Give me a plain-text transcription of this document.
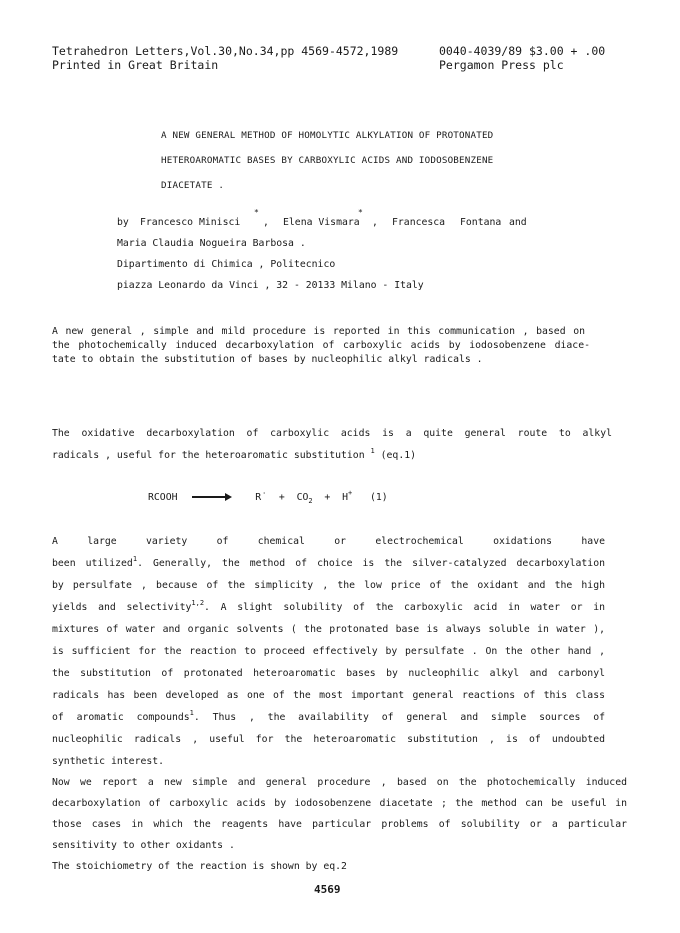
Tetrahedron Letters,Vol.30,No.34,pp 4569-4572,1989
Printed in Great Britain
0040-4039/89 $3.00 + .00
Pergamon Press plc
A NEW GENERAL METHOD OF HOMOLYTIC ALKYLATION OF PROTONATED
HETEROAROMATIC BASES BY CARBOXYLIC ACIDS AND IODOSOBENZENE
DIACETATE .
by Francesco Minisci
*
, Elena Vismara
*
, Francesca Fontana and
Maria Claudia Nogueira Barbosa .
Dipartimento di Chimica , Politecnico
piazza Leonardo da Vinci , 32 - 20133 Milano - Italy
A new general , simple and mild procedure is reported in this communication , based on
the photochemically induced decarboxylation of carboxylic acids by iodosobenzene diace-
tate to obtain the substitution of bases by nucleophilic alkyl radicals .
The oxidative decarboxylation of carboxylic acids is a quite general route to alkyl
radicals , useful for the heteroaromatic substitution $^1$ (eq.1)
RCOOH →	R˙ + $CO_2 + H^+$ (1)
A large variety of chemical or electrochemical oxidations have
been utilized$^1$. Generally, the method of choice is the silver-catalyzed decarboxylation
by persulfate , because of the simplicity , the low price of the oxidant and the high
yields and selectivity$^{1,2}$. A slight solubility of the carboxylic acid in water or in
mixtures of water and organic solvents ( the protonated base is always soluble in water ),
is sufficient for the reaction to proceed effectively by persulfate . On the other hand ,
the substitution of protonated heteroaromatic bases by nucleophilic alkyl and carbonyl
radicals has been developed as one of the most important general reactions of this class
of aromatic compounds$^1$. Thus , the availability of general and simple sources of
nucleophilic radicals , useful for the heteroaromatic substitution , is of undoubted
synthetic interest.
Now we report a new simple and general procedure , based on the photochemically induced
decarboxylation of carboxylic acids by iodosobenzene diacetate ; the method can be useful in
those cases in which the reagents have particular problems of solubility or a particular
sensitivity to other oxidants .
The stoichiometry of the reaction is shown by eq.2
4569
